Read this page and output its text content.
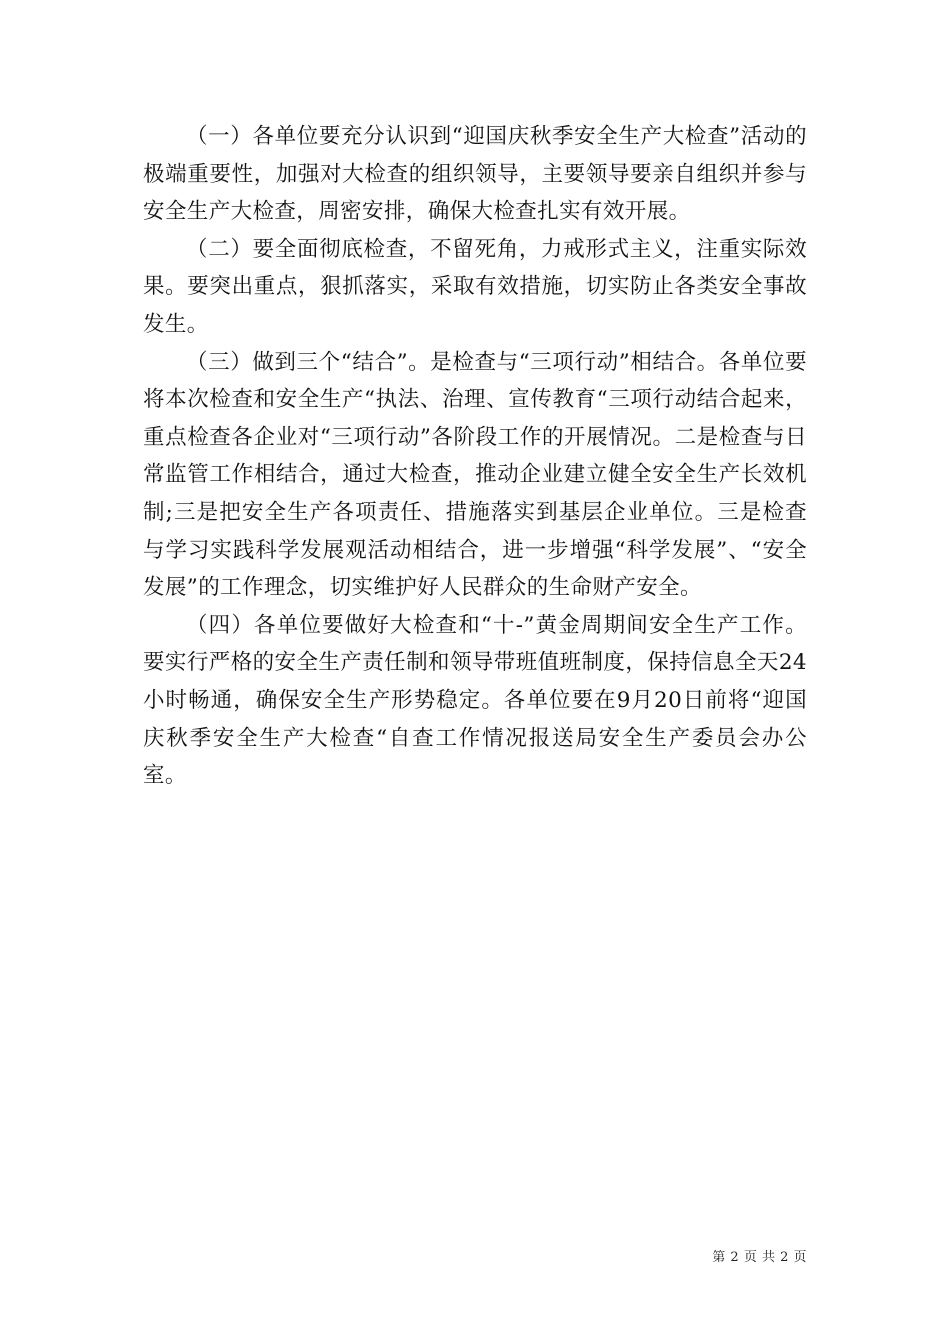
（一）各单位要充分认识到“迎国庆秋季安全生产大检查”活动的极端重要性，加强对大检查的组织领导，主要领导要亲自组织并参与安全生产大检查，周密安排，确保大检查扎实有效开展。

（二）要全面彻底检查，不留死角，力戒形式主义，注重实际效果。要突出重点，狠抓落实，采取有效措施，切实防止各类安全事故发生。

（三）做到三个“结合”。是检查与“三项行动”相结合。各单位要将本次检查和安全生产“执法、治理、宣传教育“三项行动结合起来，重点检查各企业对“三项行动”各阶段工作的开展情况。二是检查与日常监管工作相结合，通过大检查，推动企业建立健全安全生产长效机制;三是把安全生产各项责任、措施落实到基层企业单位。三是检查与学习实践科学发展观活动相结合，进一步增强“科学发展”、“安全发展”的工作理念，切实维护好人民群众的生命财产安全。

（四）各单位要做好大检查和“十-”黄金周期间安全生产工作。要实行严格的安全生产责任制和领导带班值班制度，保持信息全天24小时畅通，确保安全生产形势稳定。各单位要在9月20日前将“迎国庆秋季安全生产大检查“自查工作情况报送局安全生产委员会办公室。

第 2 页 共 2 页
